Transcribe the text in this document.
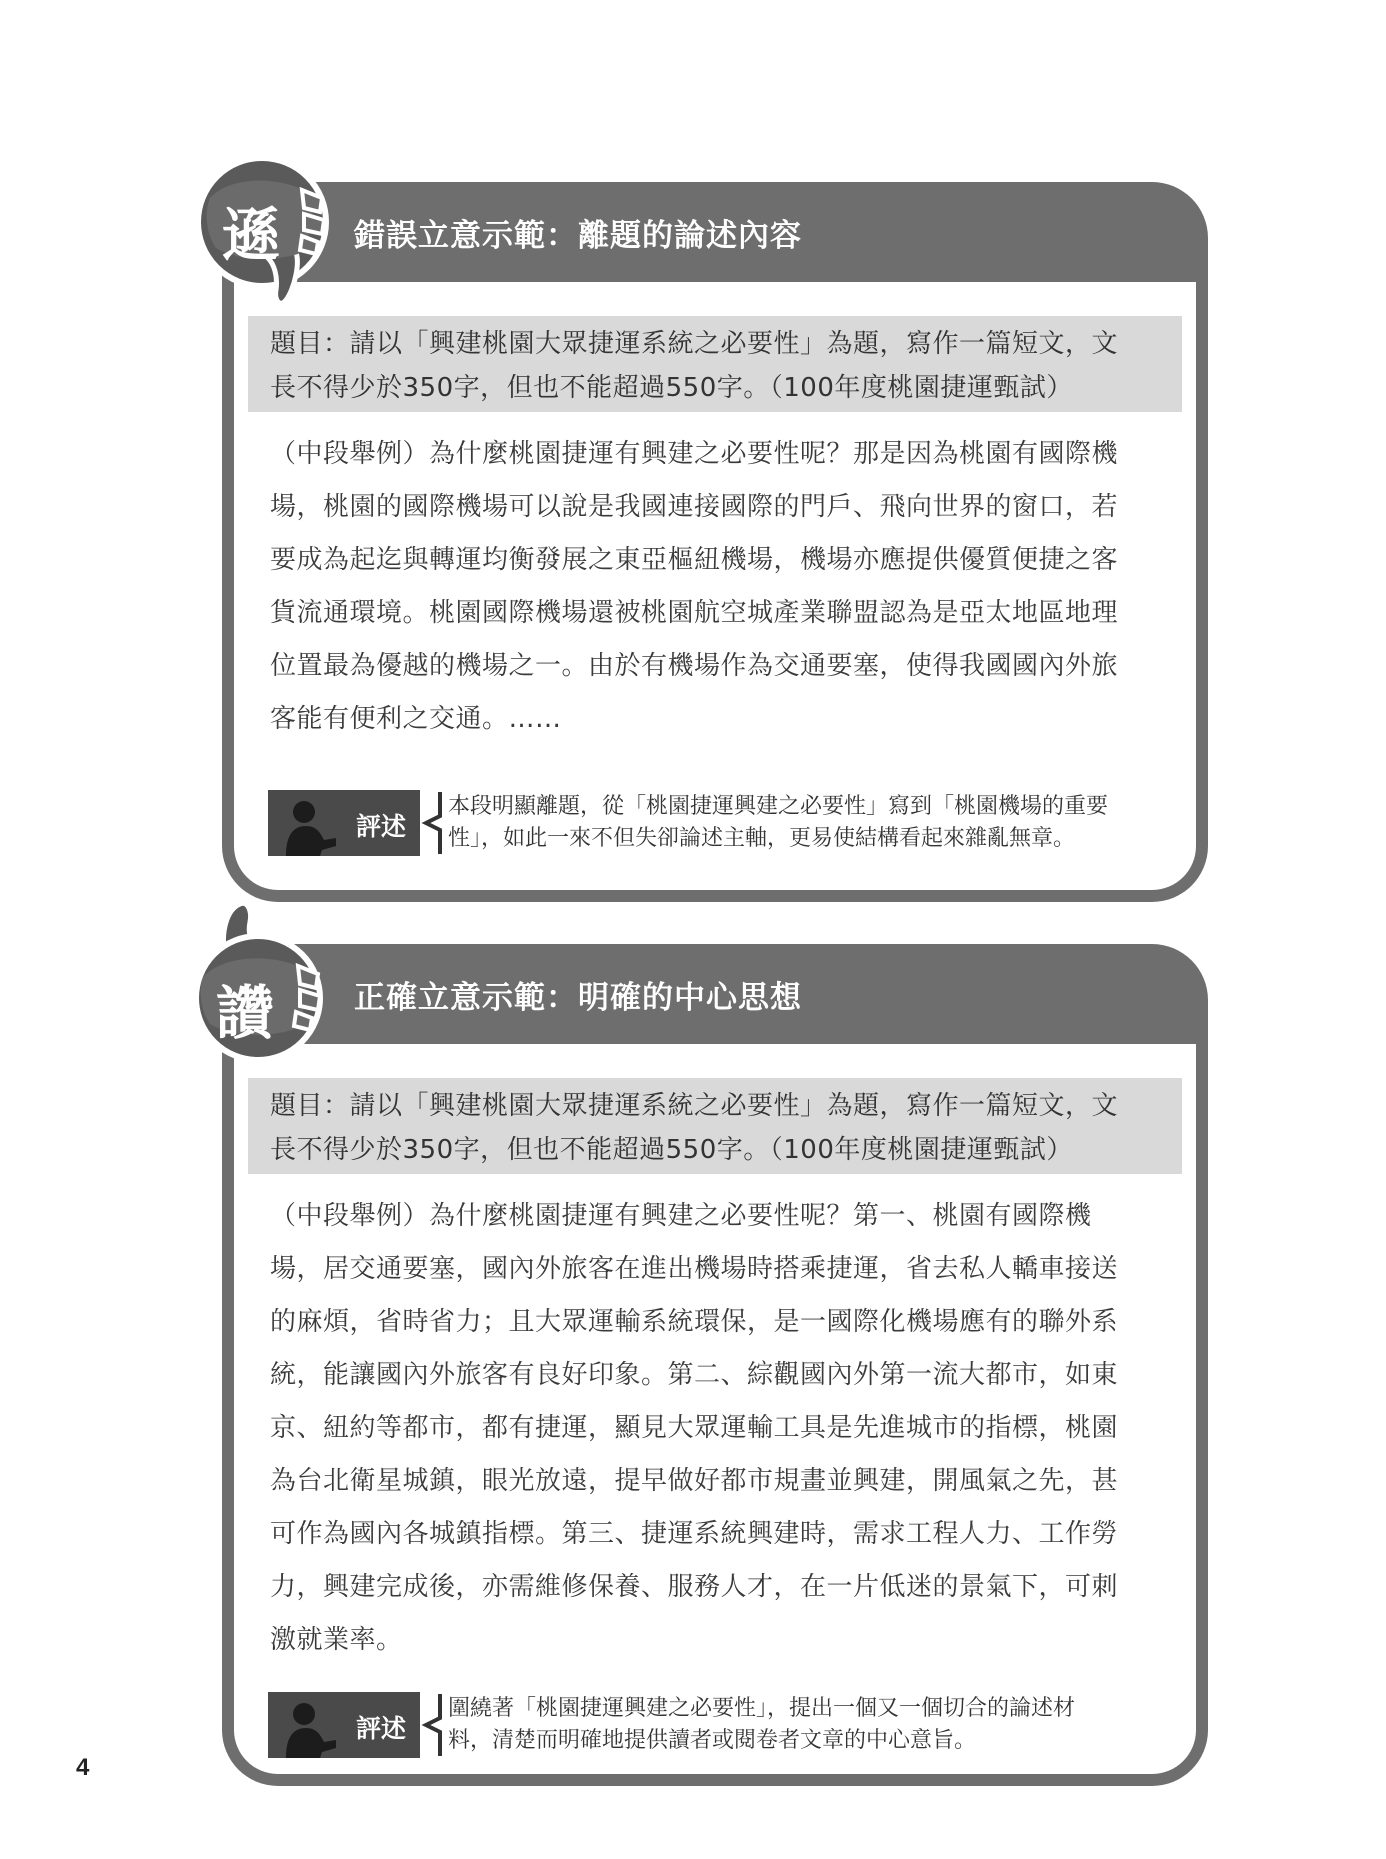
錯誤立意示範：離題的論述內容

題目：請以「興建桃園大眾捷運系統之必要性」為題，寫作一篇短文，文

長不得少於350字，但也不能超過550字。（100年度桃園捷運甄試）

（中段舉例）為什麼桃園捷運有興建之必要性呢？那是因為桃園有國際機

場，桃園的國際機場可以說是我國連接國際的門戶、飛向世界的窗口，若

要成為起迄與轉運均衡發展之東亞樞紐機場，機場亦應提供優質便捷之客

貨流通環境。桃園國際機場還被桃園航空城產業聯盟認為是亞太地區地理

位置最為優越的機場之一。由於有機場作為交通要塞，使得我國國內外旅

客能有便利之交通。……

評述

本段明顯離題，從「桃園捷運興建之必要性」寫到「桃園機場的重要

性」，如此一來不但失卻論述主軸，更易使結構看起來雜亂無章。

遜
正確立意示範：明確的中心思想

題目：請以「興建桃園大眾捷運系統之必要性」為題，寫作一篇短文，文

長不得少於350字，但也不能超過550字。（100年度桃園捷運甄試）

（中段舉例）為什麼桃園捷運有興建之必要性呢？第一、桃園有國際機

場，居交通要塞，國內外旅客在進出機場時搭乘捷運，省去私人轎車接送

的麻煩，省時省力；且大眾運輸系統環保，是一國際化機場應有的聯外系

統，能讓國內外旅客有良好印象。第二、綜觀國內外第一流大都市，如東

京、紐約等都市，都有捷運，顯見大眾運輸工具是先進城市的指標，桃園

為台北衛星城鎮，眼光放遠，提早做好都市規畫並興建，開風氣之先，甚

可作為國內各城鎮指標。第三、捷運系統興建時，需求工程人力、工作勞

力，興建完成後，亦需維修保養、服務人才，在一片低迷的景氣下，可刺

激就業率。

評述

圍繞著「桃園捷運興建之必要性」，提出一個又一個切合的論述材

料，清楚而明確地提供讀者或閱卷者文章的中心意旨。

讚
4
